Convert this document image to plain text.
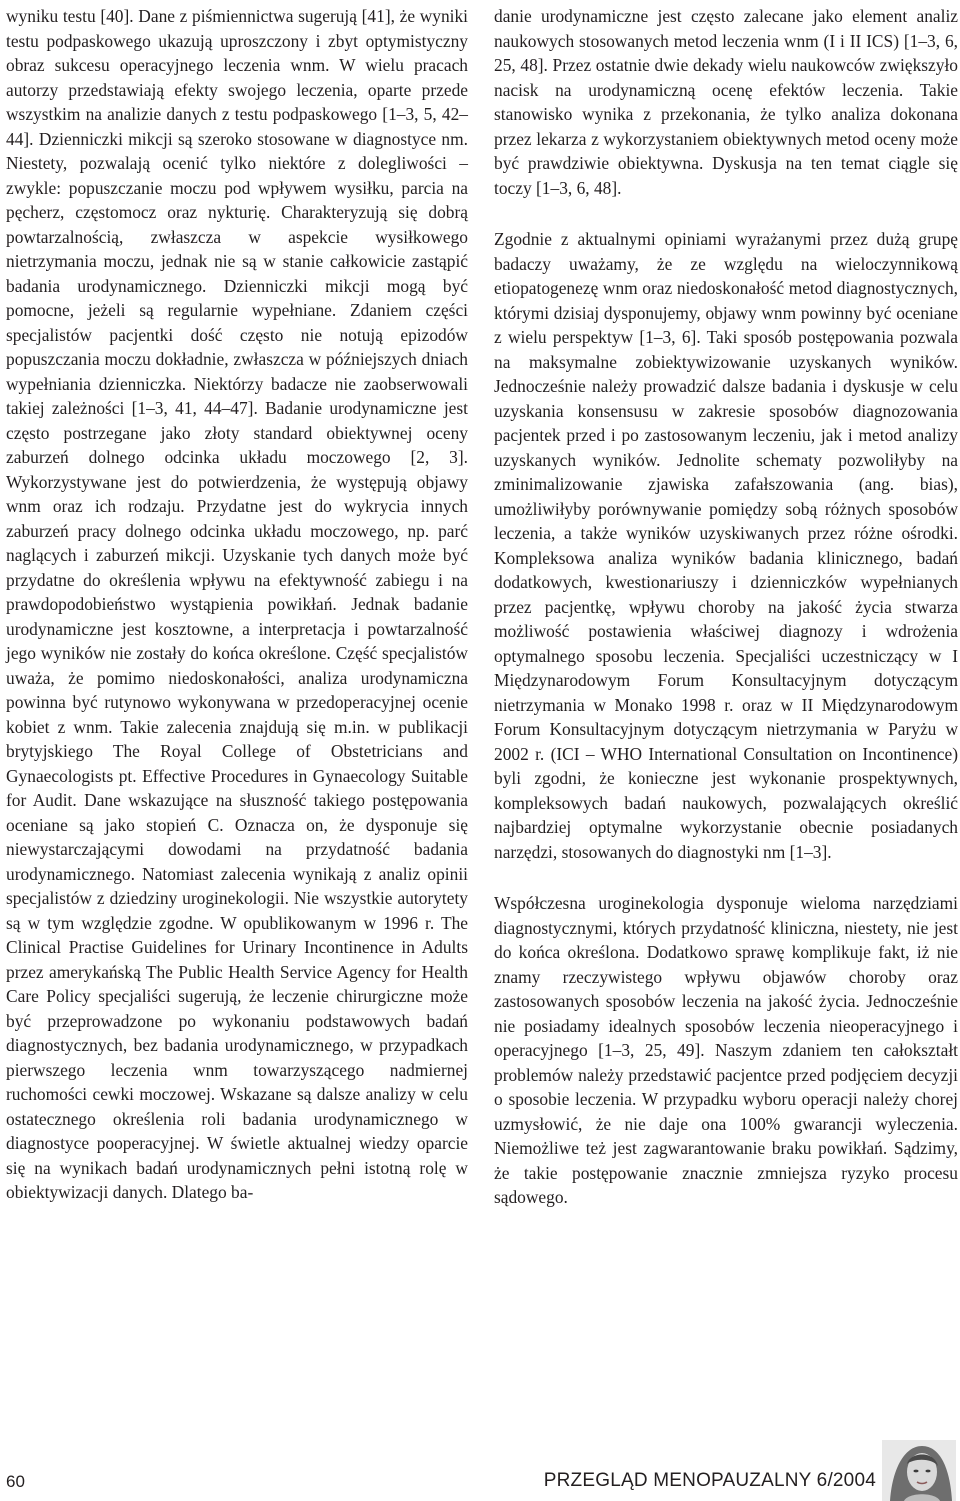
wyniku testu [40]. Dane z piśmiennictwa sugerują [41], że wyniki testu podpaskowego ukazują uproszczony i zbyt optymistyczny obraz sukcesu operacyjnego leczenia wnm. W wielu pracach autorzy przedstawiają efekty swojego leczenia, oparte przede wszystkim na analizie danych z testu podpaskowego [1–3, 5, 42–44]. Dzienniczki mikcji są szeroko stosowane w diagnostyce nm. Niestety, pozwalają ocenić tylko niektóre z dolegliwości – zwykle: popuszczanie moczu pod wpływem wysiłku, parcia na pęcherz, częstomocz oraz nykturię. Charakteryzują się dobrą powtarzalnością, zwłaszcza w aspekcie wysiłkowego nietrzymania moczu, jednak nie są w stanie całkowicie zastąpić badania urodynamicznego. Dzienniczki mikcji mogą być pomocne, jeżeli są regularnie wypełniane. Zdaniem części specjalistów pacjentki dość często nie notują epizodów popuszczania moczu dokładnie, zwłaszcza w późniejszych dniach wypełniania dzienniczka. Niektórzy badacze nie zaobserwowali takiej zależności [1–3, 41, 44–47]. Badanie urodynamiczne jest często postrzegane jako złoty standard obiektywnej oceny zaburzeń dolnego odcinka układu moczowego [2, 3]. Wykorzystywane jest do potwierdzenia, że występują objawy wnm oraz ich rodzaju. Przydatne jest do wykrycia innych zaburzeń pracy dolnego odcinka układu moczowego, np. parć naglących i zaburzeń mikcji. Uzyskanie tych danych może być przydatne do określenia wpływu na efektywność zabiegu i na prawdopodobieństwo wystąpienia powikłań. Jednak badanie urodynamiczne jest kosztowne, a interpretacja i powtarzalność jego wyników nie zostały do końca określone. Część specjalistów uważa, że pomimo niedoskonałości, analiza urodynamiczna powinna być rutynowo wykonywana w przedoperacyjnej ocenie kobiet z wnm. Takie zalecenia znajdują się m.in. w publikacji brytyjskiego The Royal College of Obstetricians and Gynaecologists pt. Effective Procedures in Gynaecology Suitable for Audit. Dane wskazujące na słuszność takiego postępowania oceniane są jako stopień C. Oznacza on, że dysponuje się niewystarczającymi dowodami na przydatność badania urodynamicznego. Natomiast zalecenia wynikają z analiz opinii specjalistów z dziedziny uroginekologii. Nie wszystkie autorytety są w tym względzie zgodne. W opublikowanym w 1996 r. The Clinical Practise Guidelines for Urinary Incontinence in Adults przez amerykańską The Public Health Service Agency for Health Care Policy specjaliści sugerują, że leczenie chirurgiczne może być przeprowadzone po wykonaniu podstawowych badań diagnostycznych, bez badania urodynamicznego, w przypadkach pierwszego leczenia wnm towarzyszącego nadmiernej ruchomości cewki moczowej. Wskazane są dalsze analizy w celu ostatecznego określenia roli badania urodynamicznego w diagnostyce pooperacyjnej. W świetle aktualnej wiedzy oparcie się na wynikach badań urodynamicznych pełni istotną rolę w obiektywizacji danych. Dlatego ba-

danie urodynamiczne jest często zalecane jako element analiz naukowych stosowanych metod leczenia wnm (I i II ICS) [1–3, 6, 25, 48]. Przez ostatnie dwie dekady wielu naukowców zwiększyło nacisk na urodynamiczną ocenę efektów leczenia. Takie stanowisko wynika z przekonania, że tylko analiza dokonana przez lekarza z wykorzystaniem obiektywnych metod oceny może być prawdziwie obiektywna. Dyskusja na ten temat ciągle się toczy [1–3, 6, 48].

Zgodnie z aktualnymi opiniami wyrażanymi przez dużą grupę badaczy uważamy, że ze względu na wieloczynnikową etiopatogenezę wnm oraz niedoskonałość metod diagnostycznych, którymi dzisiaj dysponujemy, objawy wnm powinny być oceniane z wielu perspektyw [1–3, 6]. Taki sposób postępowania pozwala na maksymalne zobiektywizowanie uzyskanych wyników. Jednocześnie należy prowadzić dalsze badania i dyskusje w celu uzyskania konsensusu w zakresie sposobów diagnozowania pacjentek przed i po zastosowanym leczeniu, jak i metod analizy uzyskanych wyników. Jednolite schematy pozwoliłyby na zminimalizowanie zjawiska zafałszowania (ang. bias), umożliwiłyby porównywanie pomiędzy sobą różnych sposobów leczenia, a także wyników uzyskiwanych przez różne ośrodki. Kompleksowa analiza wyników badania klinicznego, badań dodatkowych, kwestionariuszy i dzienniczków wypełnianych przez pacjentkę, wpływu choroby na jakość życia stwarza możliwość postawienia właściwej diagnozy i wdrożenia optymalnego sposobu leczenia. Specjaliści uczestniczący w I Międzynarodowym Forum Konsultacyjnym dotyczącym nietrzymania w Monako 1998 r. oraz w II Międzynarodowym Forum Konsultacyjnym dotyczącym nietrzymania w Paryżu w 2002 r. (ICI – WHO International Consultation on Incontinence) byli zgodni, że konieczne jest wykonanie prospektywnych, kompleksowych badań naukowych, pozwalających określić najbardziej optymalne wykorzystanie obecnie posiadanych narzędzi, stosowanych do diagnostyki nm [1–3].

Współczesna uroginekologia dysponuje wieloma narzędziami diagnostycznymi, których przydatność kliniczna, niestety, nie jest do końca określona. Dodatkowo sprawę komplikuje fakt, iż nie znamy rzeczywistego wpływu objawów choroby oraz zastosowanych sposobów leczenia na jakość życia. Jednocześnie nie posiadamy idealnych sposobów leczenia nieoperacyjnego i operacyjnego [1–3, 25, 49]. Naszym zdaniem ten całokształt problemów należy przedstawić pacjentce przed podjęciem decyzji o sposobie leczenia. W przypadku wyboru operacji należy chorej uzmysłowić, że nie daje ona 100% gwarancji wyleczenia. Niemożliwe też jest zagwarantowanie braku powikłań. Sądzimy, że takie postępowanie znacznie zmniejsza ryzyko procesu sądowego.

60	PRZEGLĄD MENOPAUZALNY 6/2004
